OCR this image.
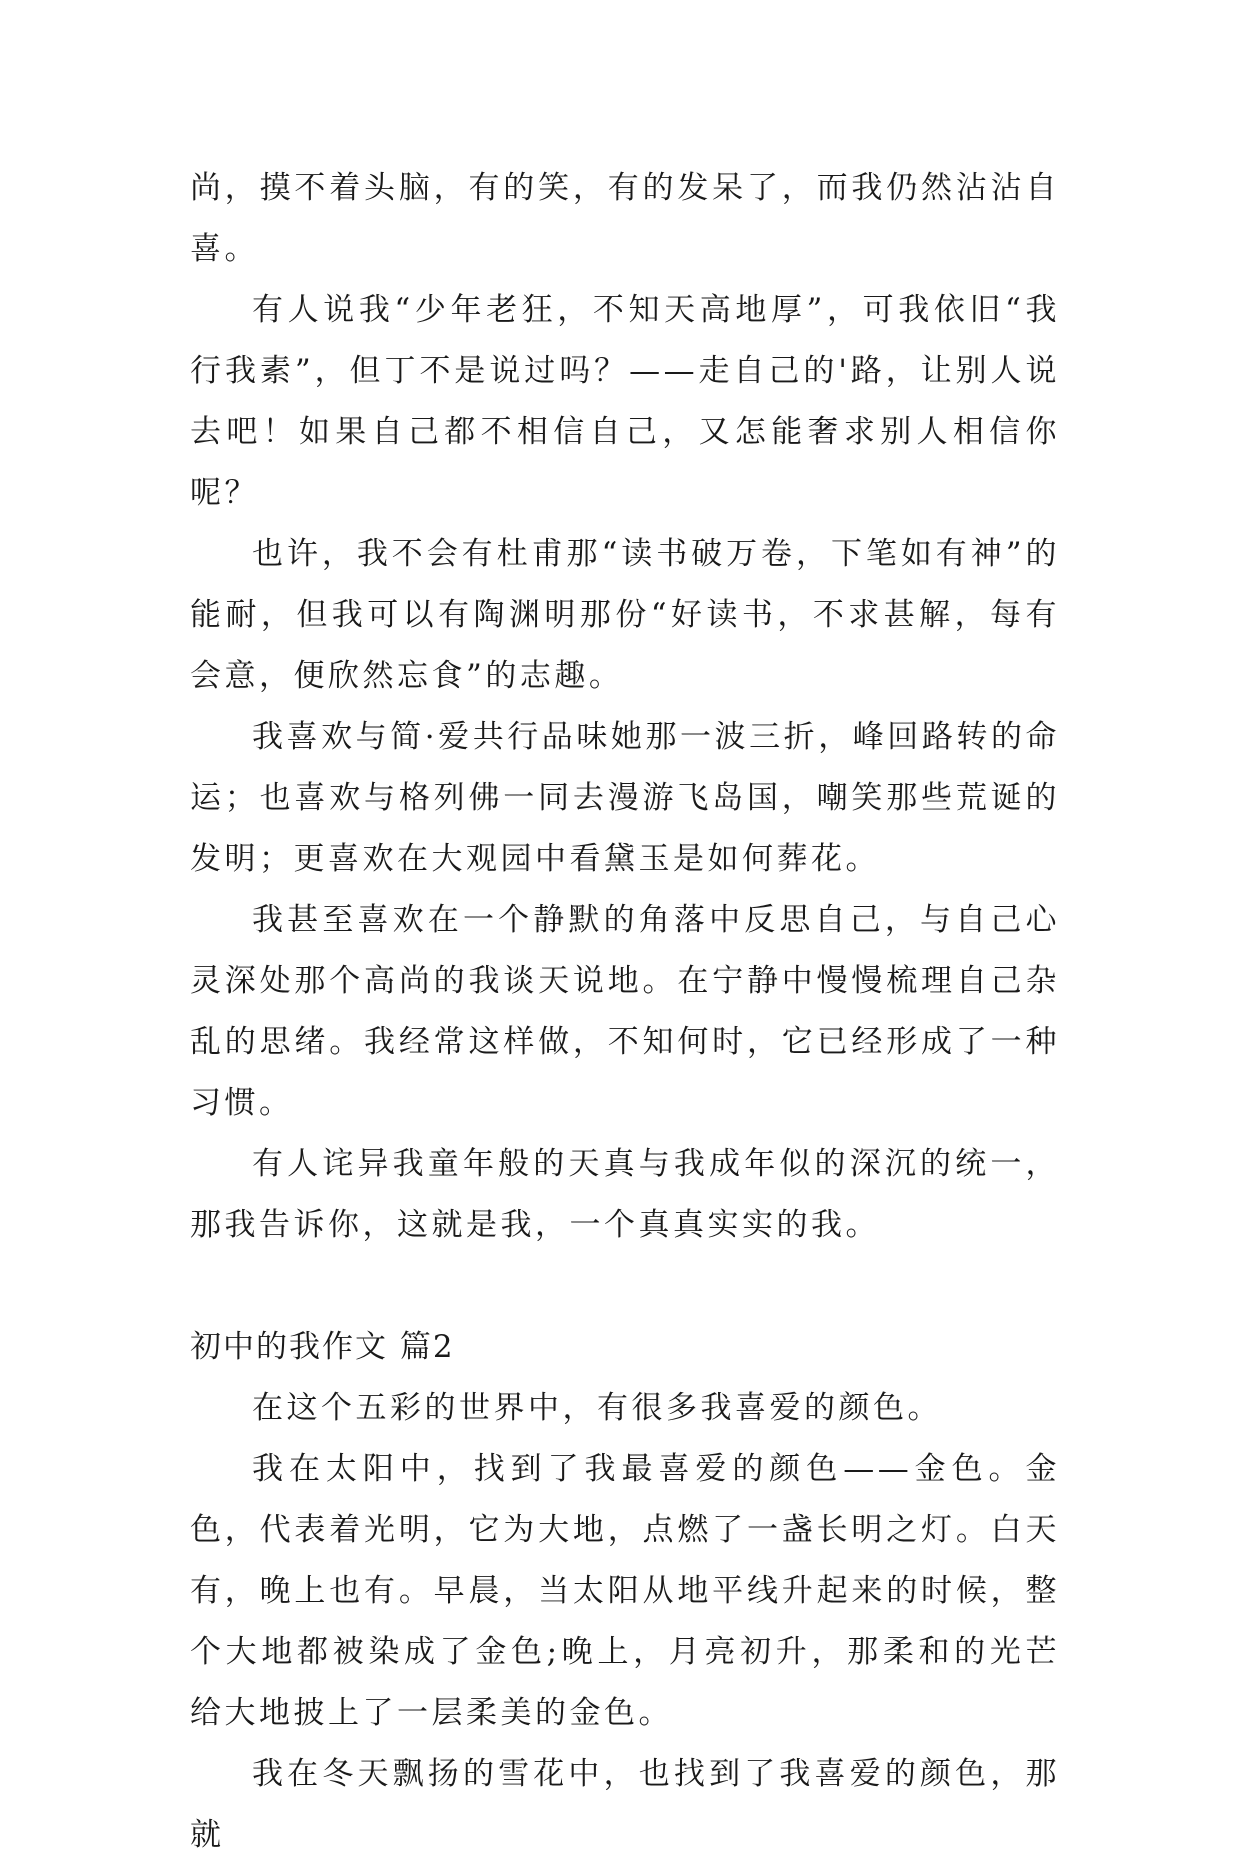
尚，摸不着头脑，有的笑，有的发呆了，而我仍然沾沾自喜。

有人说我“少年老狂，不知天高地厚”，可我依旧“我行我素”，但丁不是说过吗？——走自己的'路，让别人说去吧！如果自己都不相信自己，又怎能奢求别人相信你呢？

也许，我不会有杜甫那“读书破万卷，下笔如有神”的能耐，但我可以有陶渊明那份“好读书，不求甚解，每有会意，便欣然忘食”的志趣。

我喜欢与简·爱共行品味她那一波三折，峰回路转的命运；也喜欢与格列佛一同去漫游飞岛国，嘲笑那些荒诞的发明；更喜欢在大观园中看黛玉是如何葬花。

我甚至喜欢在一个静默的角落中反思自己，与自己心灵深处那个高尚的我谈天说地。在宁静中慢慢梳理自己杂乱的思绪。我经常这样做，不知何时，它已经形成了一种习惯。

有人诧异我童年般的天真与我成年似的深沉的统一，那我告诉你，这就是我，一个真真实实的我。

初中的我作文 篇2

在这个五彩的世界中，有很多我喜爱的颜色。

我在太阳中，找到了我最喜爱的颜色——金色。金色，代表着光明，它为大地，点燃了一盏长明之灯。白天有，晚上也有。早晨，当太阳从地平线升起来的时候，整个大地都被染成了金色;晚上，月亮初升，那柔和的光芒给大地披上了一层柔美的金色。

我在冬天飘扬的雪花中，也找到了我喜爱的颜色，那就
